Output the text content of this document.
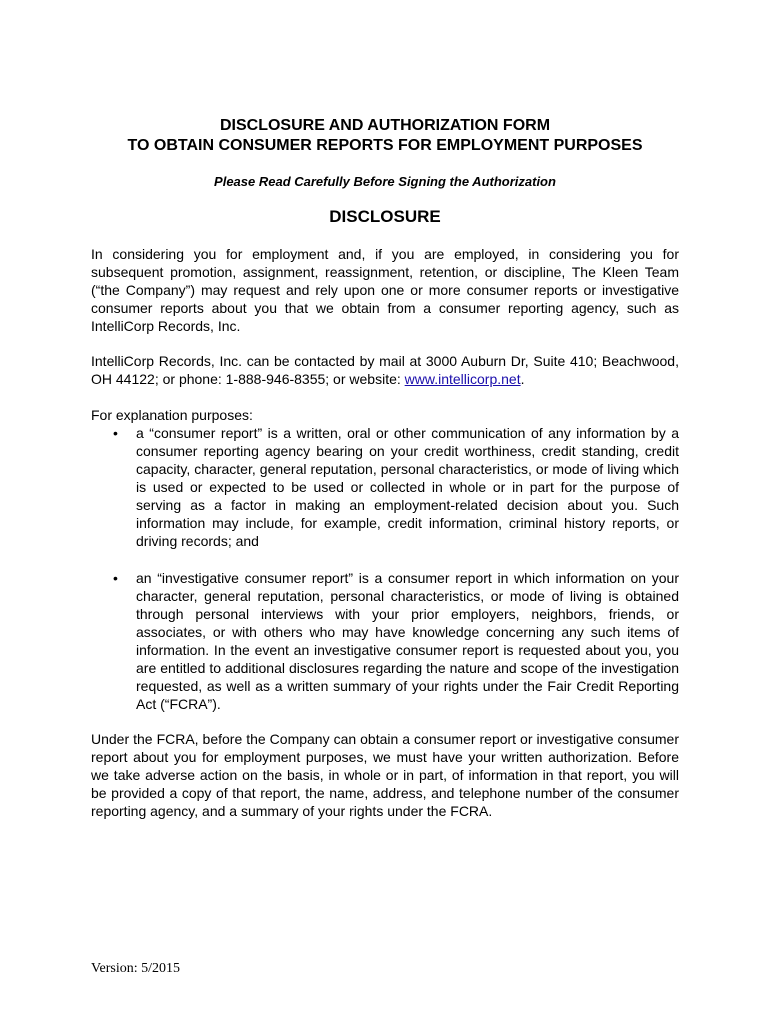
DISCLOSURE AND AUTHORIZATION FORM
TO OBTAIN CONSUMER REPORTS FOR EMPLOYMENT PURPOSES
Please Read Carefully Before Signing the Authorization
DISCLOSURE
In considering you for employment and, if you are employed, in considering you for subsequent promotion, assignment, reassignment, retention, or discipline, The Kleen Team (“the Company”) may request and rely upon one or more consumer reports or investigative consumer reports about you that we obtain from a consumer reporting agency, such as IntelliCorp Records, Inc.
IntelliCorp Records, Inc. can be contacted by mail at 3000 Auburn Dr, Suite 410; Beachwood, OH 44122; or phone: 1-888-946-8355; or website: www.intellicorp.net.
For explanation purposes:
• a “consumer report” is a written, oral or other communication of any information by a consumer reporting agency bearing on your credit worthiness, credit standing, credit capacity, character, general reputation, personal characteristics, or mode of living which is used or expected to be used or collected in whole or in part for the purpose of serving as a factor in making an employment-related decision about you. Such information may include, for example, credit information, criminal history reports, or driving records; and
• an “investigative consumer report” is a consumer report in which information on your character, general reputation, personal characteristics, or mode of living is obtained through personal interviews with your prior employers, neighbors, friends, or associates, or with others who may have knowledge concerning any such items of information. In the event an investigative consumer report is requested about you, you are entitled to additional disclosures regarding the nature and scope of the investigation requested, as well as a written summary of your rights under the Fair Credit Reporting Act (“FCRA”).
Under the FCRA, before the Company can obtain a consumer report or investigative consumer report about you for employment purposes, we must have your written authorization. Before we take adverse action on the basis, in whole or in part, of information in that report, you will be provided a copy of that report, the name, address, and telephone number of the consumer reporting agency, and a summary of your rights under the FCRA.
Version: 5/2015
